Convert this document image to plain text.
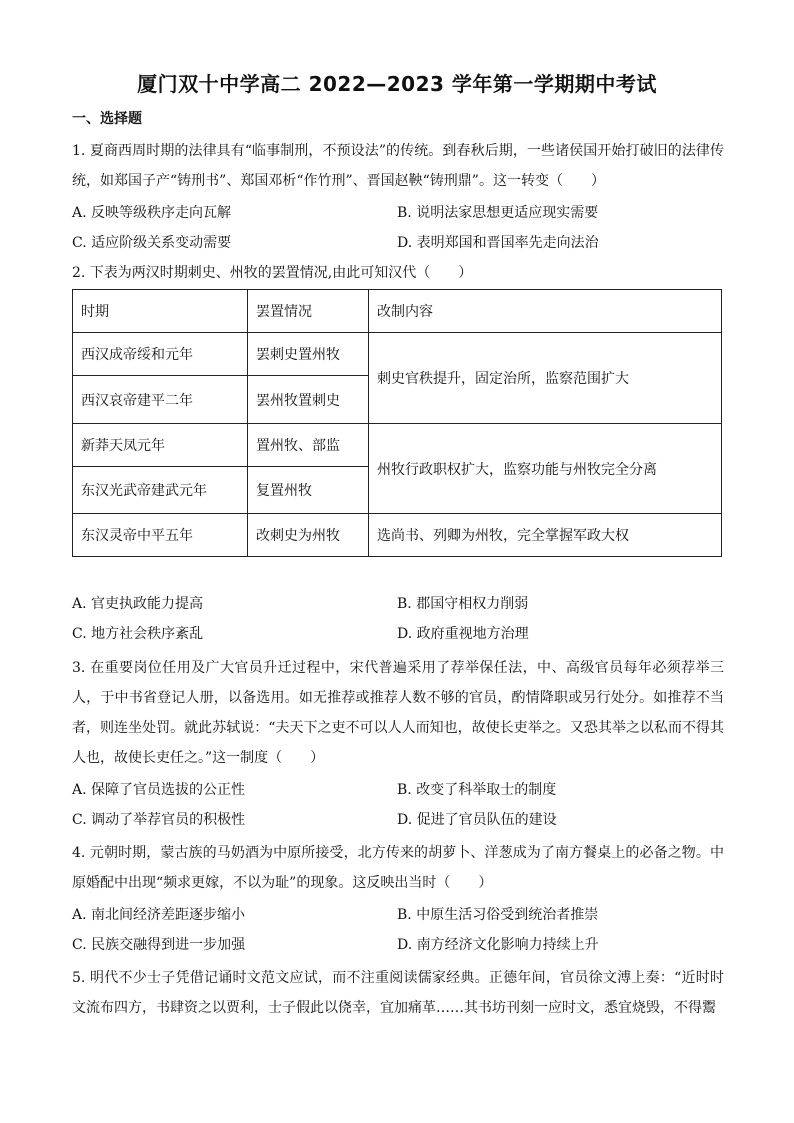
厦门双十中学高二 2022—2023 学年第一学期期中考试
一、选择题
1. 夏商西周时期的法律具有“临事制刑，不预设法”的传统。到春秋后期，一些诸侯国开始打破旧的法律传统，如郑国子产“铸刑书”、郑国邓析“作竹刑”、晋国赵鞅“铸刑鼎”。这一转变（　　）
A. 反映等级秩序走向瓦解	B. 说明法家思想更适应现实需要
C. 适应阶级关系变动需要	D. 表明郑国和晋国率先走向法治
2. 下表为两汉时期刺史、州牧的罢置情况,由此可知汉代（　　）
时期	罢置情况	改制内容
西汉成帝绥和元年	罢刺史置州牧	刺史官秩提升，固定治所，监察范围扩大
西汉哀帝建平二年	罢州牧置刺史	
新莽天凤元年	置州牧、部监	州牧行政职权扩大，监察功能与州牧完全分离
东汉光武帝建武元年	复置州牧	
东汉灵帝中平五年	改刺史为州牧	选尚书、列卿为州牧，完全掌握军政大权
A. 官吏执政能力提高	B. 郡国守相权力削弱
C. 地方社会秩序紊乱	D. 政府重视地方治理
3. 在重要岗位任用及广大官员升迁过程中，宋代普遍采用了荐举保任法，中、高级官员每年必须荐举三人，于中书省登记人册，以备选用。如无推荐或推荐人数不够的官员，酌情降职或另行处分。如推荐不当者，则连坐处罚。就此苏轼说：“夫天下之吏不可以人人而知也，故使长吏举之。又恐其举之以私而不得其人也，故使长吏任之。”这一制度（　　）
A. 保障了官员选拔的公正性	B. 改变了科举取士的制度
C. 调动了举荐官员的积极性	D. 促进了官员队伍的建设
4. 元朝时期，蒙古族的马奶酒为中原所接受，北方传来的胡萝卜、洋葱成为了南方餐桌上的必备之物。中原婚配中出现“频求更嫁，不以为耻”的现象。这反映出当时（　　）
A. 南北间经济差距逐步缩小	B. 中原生活习俗受到统治者推崇
C. 民族交融得到进一步加强	D. 南方经济文化影响力持续上升
5. 明代不少士子凭借记诵时文范文应试，而不注重阅读儒家经典。正德年间，官员徐文溥上奏：“近时时文流布四方，书肆资之以贾利，士子假此以侥幸，宜加痛革……其书坊刊刻一应时文，悉宜烧毁，不得鬻
